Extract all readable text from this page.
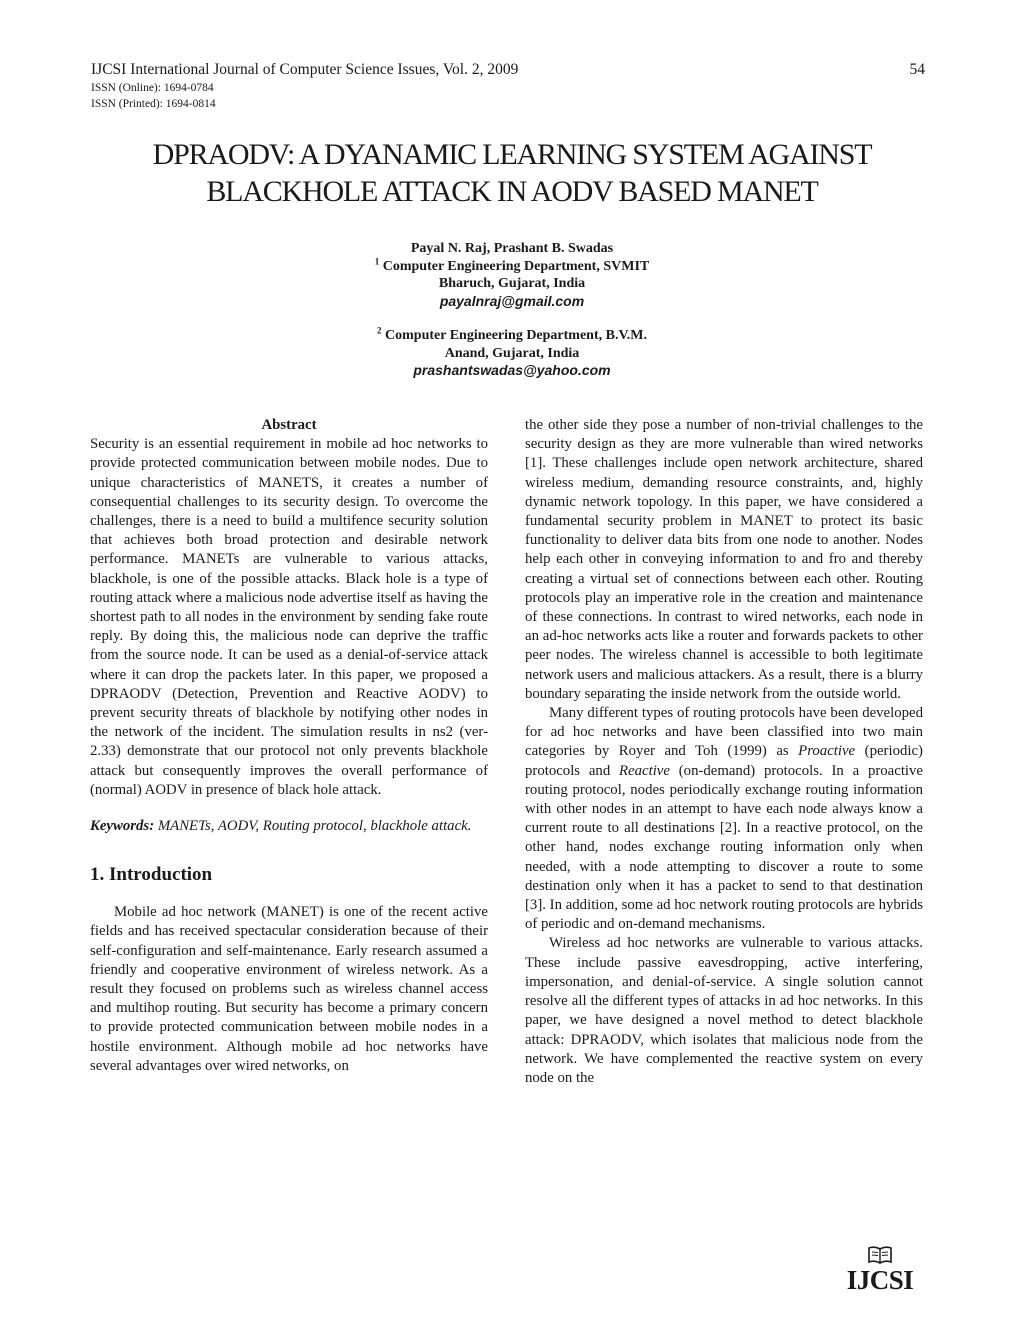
IJCSI International Journal of Computer Science Issues, Vol. 2, 2009	54
ISSN (Online): 1694-0784
ISSN (Printed): 1694-0814
DPRAODV: A DYANAMIC LEARNING SYSTEM AGAINST
BLACKHOLE ATTACK IN AODV BASED MANET
Payal N. Raj, Prashant B. Swadas
$^1$ Computer Engineering Department, SVMIT
Bharuch, Gujarat, India
payalnraj@gmail.com
$^2$ Computer Engineering Department, B.V.M.
Anand, Gujarat, India
prashantswadas@yahoo.com
Abstract

Security is an essential requirement in mobile ad hoc networks to provide protected communication between mobile nodes. Due to unique characteristics of MANETS, it creates a number of consequential challenges to its security design. To overcome the challenges, there is a need to build a multifence security solution that achieves both broad protection and desirable network performance. MANETs are vulnerable to various attacks, blackhole, is one of the possible attacks. Black hole is a type of routing attack where a malicious node advertise itself as having the shortest path to all nodes in the environment by sending fake route reply. By doing this, the malicious node can deprive the traffic from the source node. It can be used as a denial-of-service attack where it can drop the packets later. In this paper, we proposed a DPRAODV (Detection, Prevention and Reactive AODV) to prevent security threats of blackhole by notifying other nodes in the network of the incident. The simulation results in ns2 (ver-2.33) demonstrate that our protocol not only prevents blackhole attack but consequently improves the overall performance of (normal) AODV in presence of black hole attack.

Keywords: MANETs, AODV, Routing protocol, blackhole attack.

1. Introduction

Mobile ad hoc network (MANET) is one of the recent active fields and has received spectacular consideration because of their self-configuration and self-maintenance. Early research assumed a friendly and cooperative environment of wireless network. As a result they focused on problems such as wireless channel access and multihop routing. But security has become a primary concern to provide protected communication between mobile nodes in a hostile environment. Although mobile ad hoc networks have several advantages over wired networks, on

the other side they pose a number of non-trivial challenges to the security design as they are more vulnerable than wired networks [1]. These challenges include open network architecture, shared wireless medium, demanding resource constraints, and, highly dynamic network topology. In this paper, we have considered a fundamental security problem in MANET to protect its basic functionality to deliver data bits from one node to another. Nodes help each other in conveying information to and fro and thereby creating a virtual set of connections between each other. Routing protocols play an imperative role in the creation and maintenance of these connections. In contrast to wired networks, each node in an ad-hoc networks acts like a router and forwards packets to other peer nodes. The wireless channel is accessible to both legitimate network users and malicious attackers. As a result, there is a blurry boundary separating the inside network from the outside world.

Many different types of routing protocols have been developed for ad hoc networks and have been classified into two main categories by Royer and Toh (1999) as Proactive (periodic) protocols and Reactive (on-demand) protocols. In a proactive routing protocol, nodes periodically exchange routing information with other nodes in an attempt to have each node always know a current route to all destinations [2]. In a reactive protocol, on the other hand, nodes exchange routing information only when needed, with a node attempting to discover a route to some destination only when it has a packet to send to that destination [3]. In addition, some ad hoc network routing protocols are hybrids of periodic and on-demand mechanisms.

Wireless ad hoc networks are vulnerable to various attacks. These include passive eavesdropping, active interfering, impersonation, and denial-of-service. A single solution cannot resolve all the different types of attacks in ad hoc networks. In this paper, we have designed a novel method to detect blackhole attack: DPRAODV, which isolates that malicious node from the network. We have complemented the reactive system on every node on the

IJCSI
